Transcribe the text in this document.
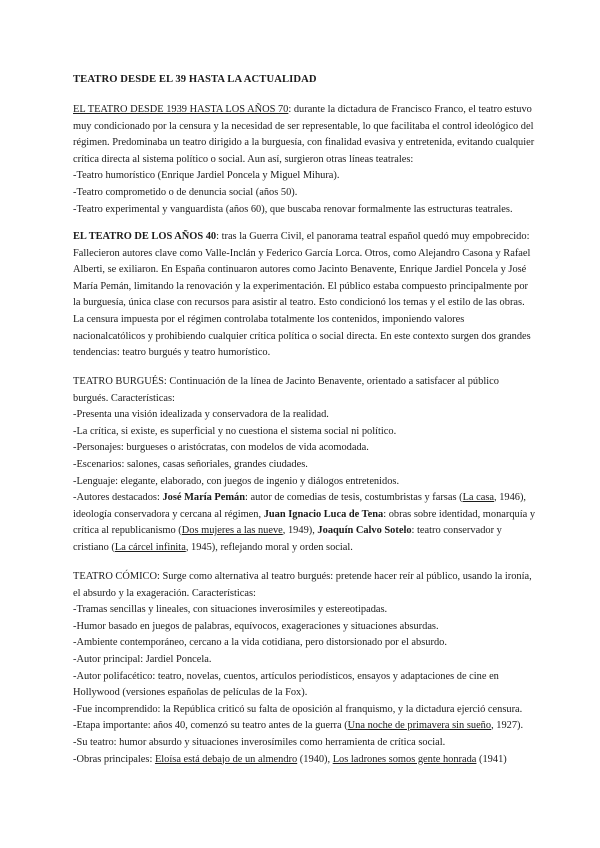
TEATRO DESDE EL 39 HASTA LA ACTUALIDAD

EL TEATRO DESDE 1939 HASTA LOS AÑOS 70: durante la dictadura de Francisco Franco, el teatro estuvo muy condicionado por la censura y la necesidad de ser representable, lo que facilitaba el control ideológico del régimen. Predominaba un teatro dirigido a la burguesía, con finalidad evasiva y entretenida, evitando cualquier crítica directa al sistema político o social. Aun así, surgieron otras líneas teatrales:

-Teatro humorístico (Enrique Jardiel Poncela y Miguel Mihura).

-Teatro comprometido o de denuncia social (años 50).

-Teatro experimental y vanguardista (años 60), que buscaba renovar formalmente las estructuras teatrales.

EL TEATRO DE LOS AÑOS 40: tras la Guerra Civil, el panorama teatral español quedó muy empobrecido: Fallecieron autores clave como Valle-Inclán y Federico García Lorca. Otros, como Alejandro Casona y Rafael Alberti, se exiliaron. En España continuaron autores como Jacinto Benavente, Enrique Jardiel Poncela y José María Pemán, limitando la renovación y la experimentación. El público estaba compuesto principalmente por la burguesía, única clase con recursos para asistir al teatro. Esto condicionó los temas y el estilo de las obras. La censura impuesta por el régimen controlaba totalmente los contenidos, imponiendo valores nacionalcatólicos y prohibiendo cualquier crítica política o social directa. En este contexto surgen dos grandes tendencias: teatro burgués y teatro humorístico.

TEATRO BURGUÉS: Continuación de la línea de Jacinto Benavente, orientado a satisfacer al público burgués. Características:

-Presenta una visión idealizada y conservadora de la realidad.

-La crítica, si existe, es superficial y no cuestiona el sistema social ni político.

-Personajes: burgueses o aristócratas, con modelos de vida acomodada.

-Escenarios: salones, casas señoriales, grandes ciudades.

-Lenguaje: elegante, elaborado, con juegos de ingenio y diálogos entretenidos.

-Autores destacados: José María Pemán: autor de comedias de tesis, costumbristas y farsas (La casa, 1946), ideología conservadora y cercana al régimen, Juan Ignacio Luca de Tena: obras sobre identidad, monarquía y crítica al republicanismo (Dos mujeres a las nueve, 1949), Joaquín Calvo Sotelo: teatro conservador y cristiano (La cárcel infinita, 1945), reflejando moral y orden social.

TEATRO CÓMICO: Surge como alternativa al teatro burgués: pretende hacer reír al público, usando la ironía, el absurdo y la exageración. Características:

-Tramas sencillas y lineales, con situaciones inverosímiles y estereotipadas.

-Humor basado en juegos de palabras, equívocos, exageraciones y situaciones absurdas.

-Ambiente contemporáneo, cercano a la vida cotidiana, pero distorsionado por el absurdo.

-Autor principal: Jardiel Poncela.

-Autor polifacético: teatro, novelas, cuentos, artículos periodísticos, ensayos y adaptaciones de cine en Hollywood (versiones españolas de películas de la Fox).

-Fue incomprendido: la República criticó su falta de oposición al franquismo, y la dictadura ejerció censura.

-Etapa importante: años 40, comenzó su teatro antes de la guerra (Una noche de primavera sin sueño, 1927).

-Su teatro: humor absurdo y situaciones inverosímiles como herramienta de crítica social.

-Obras principales: Eloísa está debajo de un almendro (1940), Los ladrones somos gente honrada (1941)
